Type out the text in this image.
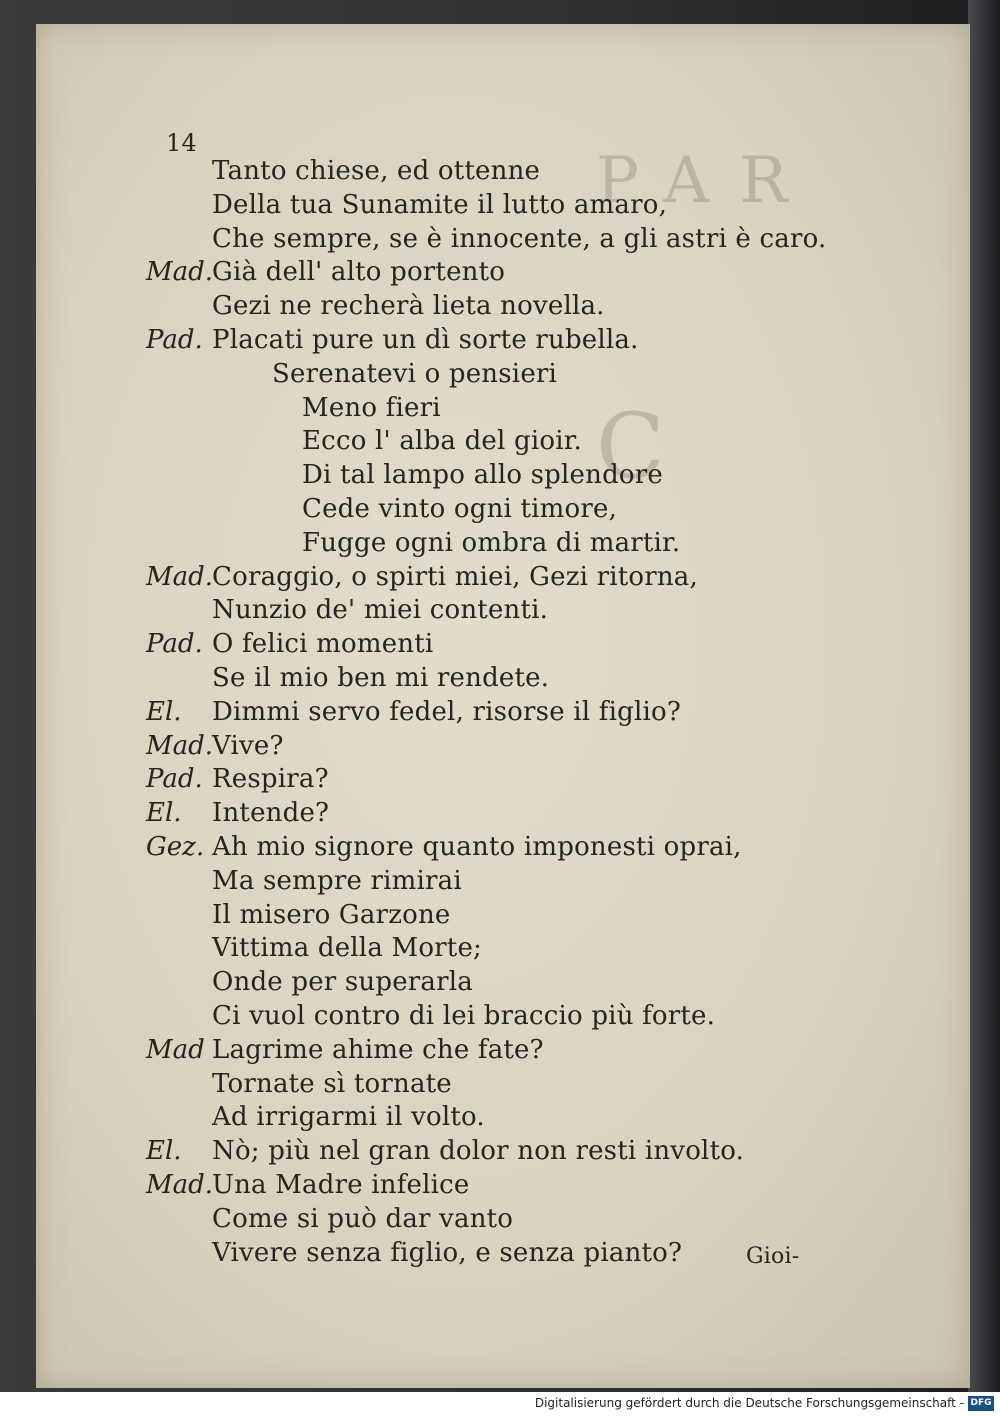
PAR
C
14
Tanto chiese, ed ottenne
Della tua Sunamite il lutto amaro,
Che sempre, se è innocente, a gli astri è caro.
Mad.
Già dell' alto portento
Gezi ne recherà lieta novella.
Pad. Placati pure un dì sorte rubella.
Serenatevi o pensieri
Meno fieri
Ecco l' alba del gioir.
Di tal lampo allo splendore
Cede vinto ogni timore,
Fugge ogni ombra di martir.
Mad.
Coraggio, o spirti miei, Gezi ritorna,
Nunzio de' miei contenti.
Pad. O felici momenti
Se il mio ben mi rendete.
El. Dimmi servo fedel, risorse il figlio?
Mad.
Vive?
Pad. Respira?
El. Intende?
Gez. Ah mio signore quanto imponesti oprai,
Ma sempre rimirai
Il misero Garzone
Vittima della Morte;
Onde per superarla
Ci vuol contro di lei braccio più forte.
Mad Lagrime ahime che fate?
Tornate sì tornate
Ad irrigarmi il volto.
El. Nò; più nel gran dolor non resti involto.
Mad.
Una Madre infelice
Come si può dar vanto
Vivere senza figlio, e senza pianto?	Gioi-
Digitalisierung gefördert durch die Deutsche Forschungsgemeinschaft - DFG
